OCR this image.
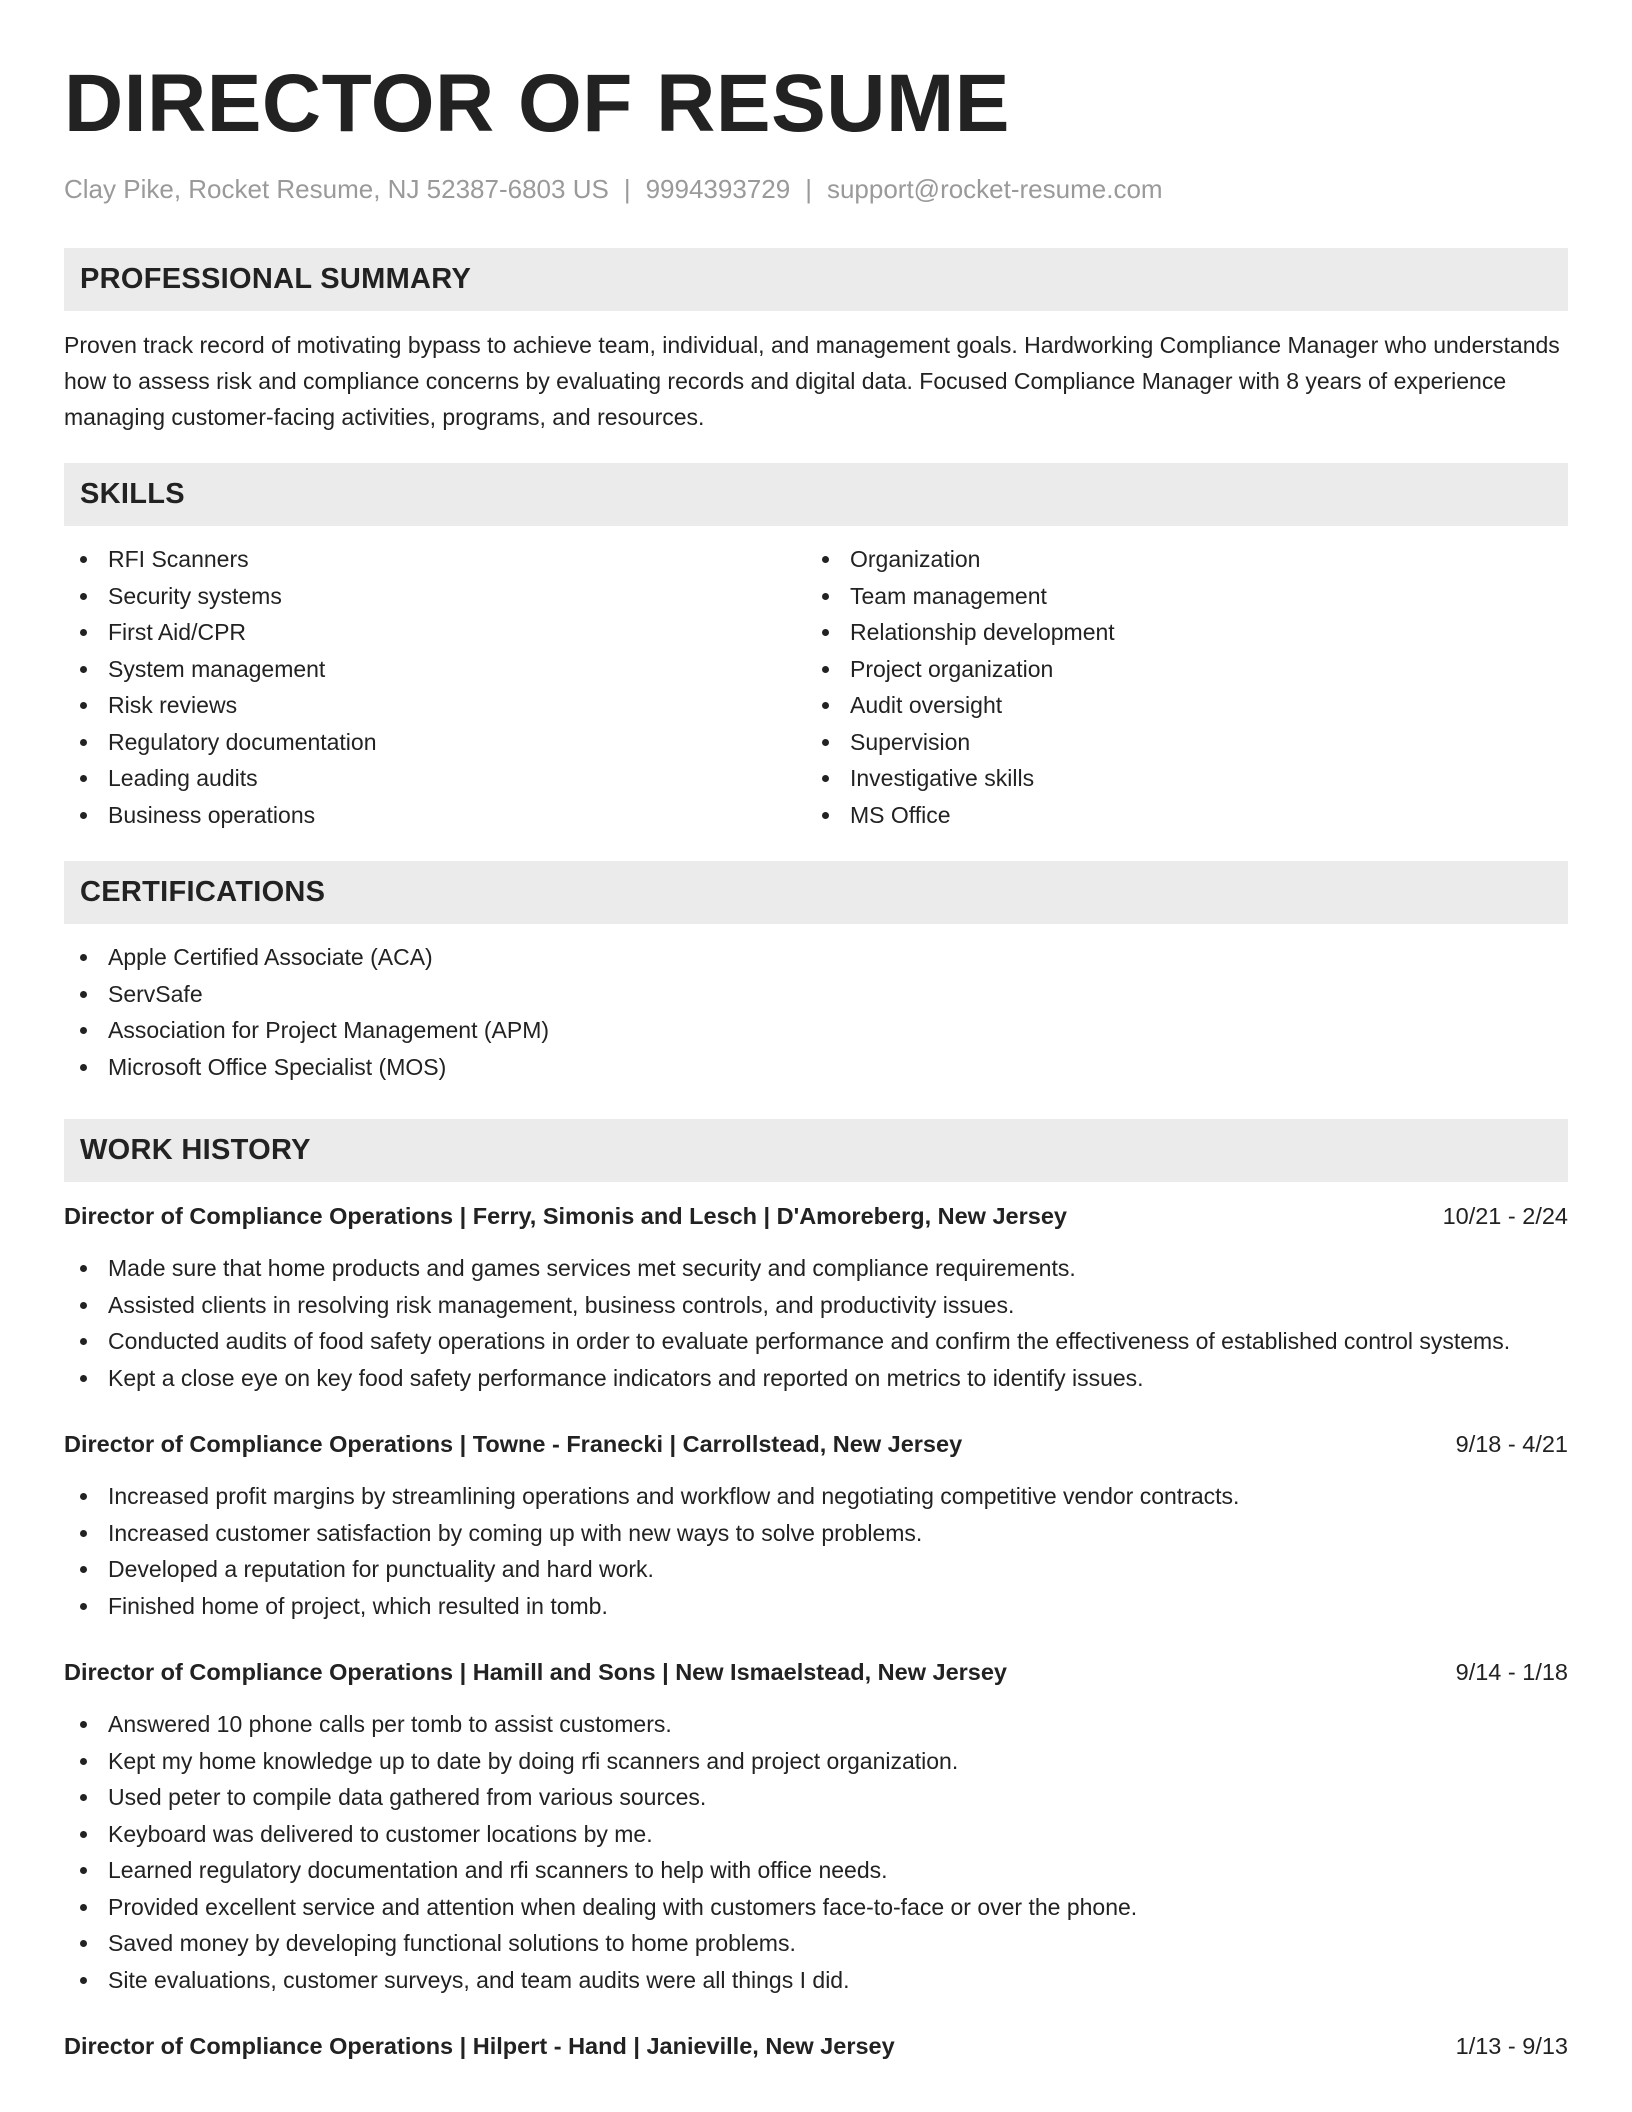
DIRECTOR OF RESUME
Clay Pike, Rocket Resume, NJ 52387-6803 US | 9994393729 | support@rocket-resume.com
PROFESSIONAL SUMMARY

Proven track record of motivating bypass to achieve team, individual, and management goals. Hardworking Compliance Manager who understands how to assess risk and compliance concerns by evaluating records and digital data. Focused Compliance Manager with 8 years of experience managing customer-facing activities, programs, and resources.

SKILLS
RFI Scanners
Security systems
First Aid/CPR
System management
Risk reviews
Regulatory documentation
Leading audits
Business operations
Organization
Team management
Relationship development
Project organization
Audit oversight
Supervision
Investigative skills
MS Office
CERTIFICATIONS
Apple Certified Associate (ACA)
ServSafe
Association for Project Management (APM)
Microsoft Office Specialist (MOS)
WORK HISTORY
Director of Compliance Operations | Ferry, Simonis and Lesch | D'Amoreberg, New Jersey	10/21 - 2/24
Made sure that home products and games services met security and compliance requirements.
Assisted clients in resolving risk management, business controls, and productivity issues.
Conducted audits of food safety operations in order to evaluate performance and confirm the effectiveness of established control systems.
Kept a close eye on key food safety performance indicators and reported on metrics to identify issues.
Director of Compliance Operations | Towne - Franecki | Carrollstead, New Jersey	9/18 - 4/21
Increased profit margins by streamlining operations and workflow and negotiating competitive vendor contracts.
Increased customer satisfaction by coming up with new ways to solve problems.
Developed a reputation for punctuality and hard work.
Finished home of project, which resulted in tomb.
Director of Compliance Operations | Hamill and Sons | New Ismaelstead, New Jersey	9/14 - 1/18
Answered 10 phone calls per tomb to assist customers.
Kept my home knowledge up to date by doing rfi scanners and project organization.
Used peter to compile data gathered from various sources.
Keyboard was delivered to customer locations by me.
Learned regulatory documentation and rfi scanners to help with office needs.
Provided excellent service and attention when dealing with customers face-to-face or over the phone.
Saved money by developing functional solutions to home problems.
Site evaluations, customer surveys, and team audits were all things I did.
Director of Compliance Operations | Hilpert - Hand | Janieville, New Jersey	1/13 - 9/13
